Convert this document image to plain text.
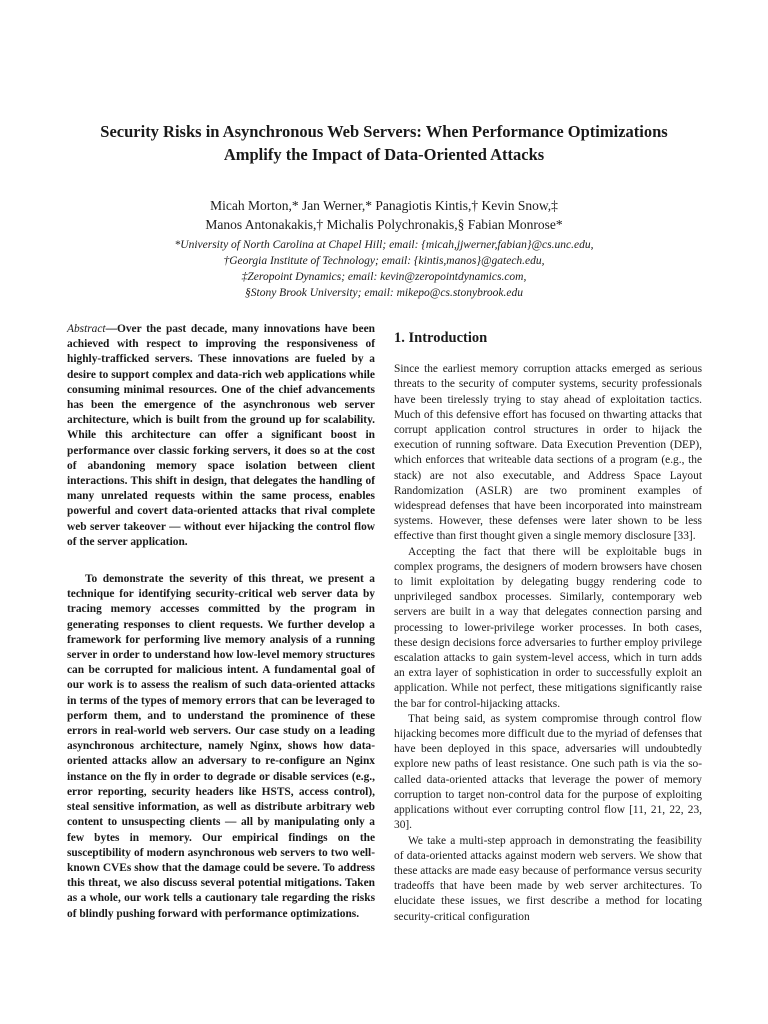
Security Risks in Asynchronous Web Servers: When Performance Optimizations
Amplify the Impact of Data-Oriented Attacks
Micah Morton,* Jan Werner,* Panagiotis Kintis,† Kevin Snow,‡
Manos Antonakakis,† Michalis Polychronakis,§ Fabian Monrose*
*University of North Carolina at Chapel Hill; email: {micah,jjwerner,fabian}@cs.unc.edu,
†Georgia Institute of Technology; email: {kintis,manos}@gatech.edu,
‡Zeropoint Dynamics; email: kevin@zeropointdynamics.com,
§Stony Brook University; email: mikepo@cs.stonybrook.edu

Abstract—Over the past decade, many innovations have been achieved with respect to improving the responsiveness of highly-trafficked servers. These innovations are fueled by a desire to support complex and data-rich web applications while consuming minimal resources. One of the chief advancements has been the emergence of the asynchronous web server architecture, which is built from the ground up for scalability. While this architecture can offer a significant boost in performance over classic forking servers, it does so at the cost of abandoning memory space isolation between client interactions. This shift in design, that delegates the handling of many unrelated requests within the same process, enables powerful and covert data-oriented attacks that rival complete web server takeover — without ever hijacking the control flow of the server application.

To demonstrate the severity of this threat, we present a technique for identifying security-critical web server data by tracing memory accesses committed by the program in generating responses to client requests. We further develop a framework for performing live memory analysis of a running server in order to understand how low-level memory structures can be corrupted for malicious intent. A fundamental goal of our work is to assess the realism of such data-oriented attacks in terms of the types of memory errors that can be leveraged to perform them, and to understand the prominence of these errors in real-world web servers. Our case study on a leading asynchronous architecture, namely Nginx, shows how data-oriented attacks allow an adversary to re-configure an Nginx instance on the fly in order to degrade or disable services (e.g., error reporting, security headers like HSTS, access control), steal sensitive information, as well as distribute arbitrary web content to unsuspecting clients — all by manipulating only a few bytes in memory. Our empirical findings on the susceptibility of modern asynchronous web servers to two well-known CVEs show that the damage could be severe. To address this threat, we also discuss several potential mitigations. Taken as a whole, our work tells a cautionary tale regarding the risks of blindly pushing forward with performance optimizations.

1. Introduction

Since the earliest memory corruption attacks emerged as serious threats to the security of computer systems, security professionals have been tirelessly trying to stay ahead of exploitation tactics. Much of this defensive effort has focused on thwarting attacks that corrupt application control structures in order to hijack the execution of running software. Data Execution Prevention (DEP), which enforces that writeable data sections of a program (e.g., the stack) are not also executable, and Address Space Layout Randomization (ASLR) are two prominent examples of widespread defenses that have been incorporated into mainstream systems. However, these defenses were later shown to be less effective than first thought given a single memory disclosure [33].

Accepting the fact that there will be exploitable bugs in complex programs, the designers of modern browsers have chosen to limit exploitation by delegating buggy rendering code to unprivileged sandbox processes. Similarly, contemporary web servers are built in a way that delegates connection parsing and processing to lower-privilege worker processes. In both cases, these design decisions force adversaries to further employ privilege escalation attacks to gain system-level access, which in turn adds an extra layer of sophistication in order to successfully exploit an application. While not perfect, these mitigations significantly raise the bar for control-hijacking attacks.

That being said, as system compromise through control flow hijacking becomes more difficult due to the myriad of defenses that have been deployed in this space, adversaries will undoubtedly explore new paths of least resistance. One such path is via the so-called data-oriented attacks that leverage the power of memory corruption to target non-control data for the purpose of exploiting applications without ever corrupting control flow [11, 21, 22, 23, 30].

We take a multi-step approach in demonstrating the feasibility of data-oriented attacks against modern web servers. We show that these attacks are made easy because of performance versus security tradeoffs that have been made by web server architectures. To elucidate these issues, we first describe a method for locating security-critical configuration
